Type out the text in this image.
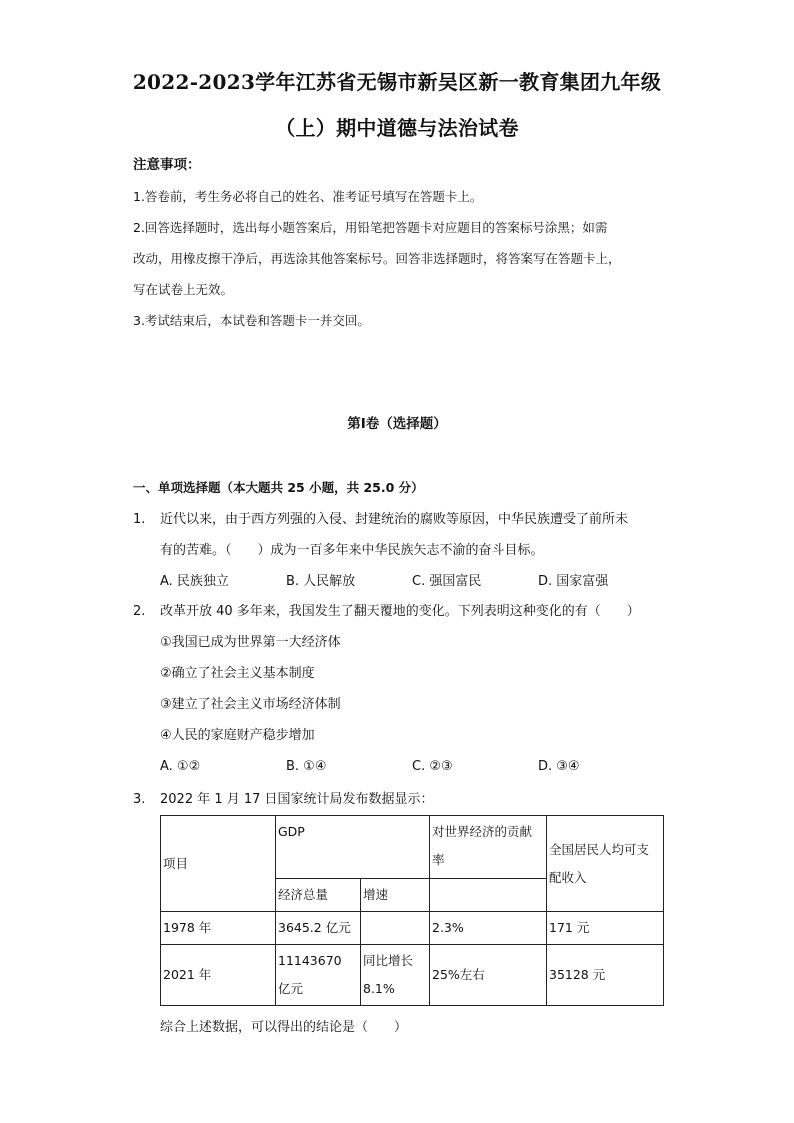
2022-2023学年江苏省无锡市新吴区新一教育集团九年级
（上）期中道德与法治试卷

注意事项：

1.答卷前，考生务必将自己的姓名、准考证号填写在答题卡上。

2.回答选择题时，选出每小题答案后，用铅笔把答题卡对应题目的答案标号涂黑；如需

改动，用橡皮擦干净后，再选涂其他答案标号。回答非选择题时，将答案写在答题卡上，

写在试卷上无效。

3.考试结束后，本试卷和答题卡一并交回。

第Ⅰ卷（选择题）
一、单项选择题（本大题共 25 小题，共 25.0 分）
1.	近代以来，由于西方列强的入侵、封建统治的腐败等原因，中华民族遭受了前所未

有的苦难。（　　）成为一百多年来中华民族矢志不渝的奋斗目标。

A. 民族独立	B. 人民解放	C. 强国富民	D. 国家富强
2.	改革开放 40 多年来，我国发生了翻天覆地的变化。下列表明这种变化的有（　　）

①我国已成为世界第一大经济体

②确立了社会主义基本制度

③建立了社会主义市场经济体制

④人民的家庭财产稳步增加

A. ①②	B. ①④	C. ②③	D. ③④
3.	2022 年 1 月 17 日国家统计局发布数据显示：

项目	GDP		对世界经济的贡献率	全国居民人均可支配收入
	经济总量	增速		
1978 年	3645.2 亿元		2.3%	171 元
2021 年	11143670 亿元	同比增长 8.1%	25%左右	35128 元
综合上述数据，可以得出的结论是（　　）
